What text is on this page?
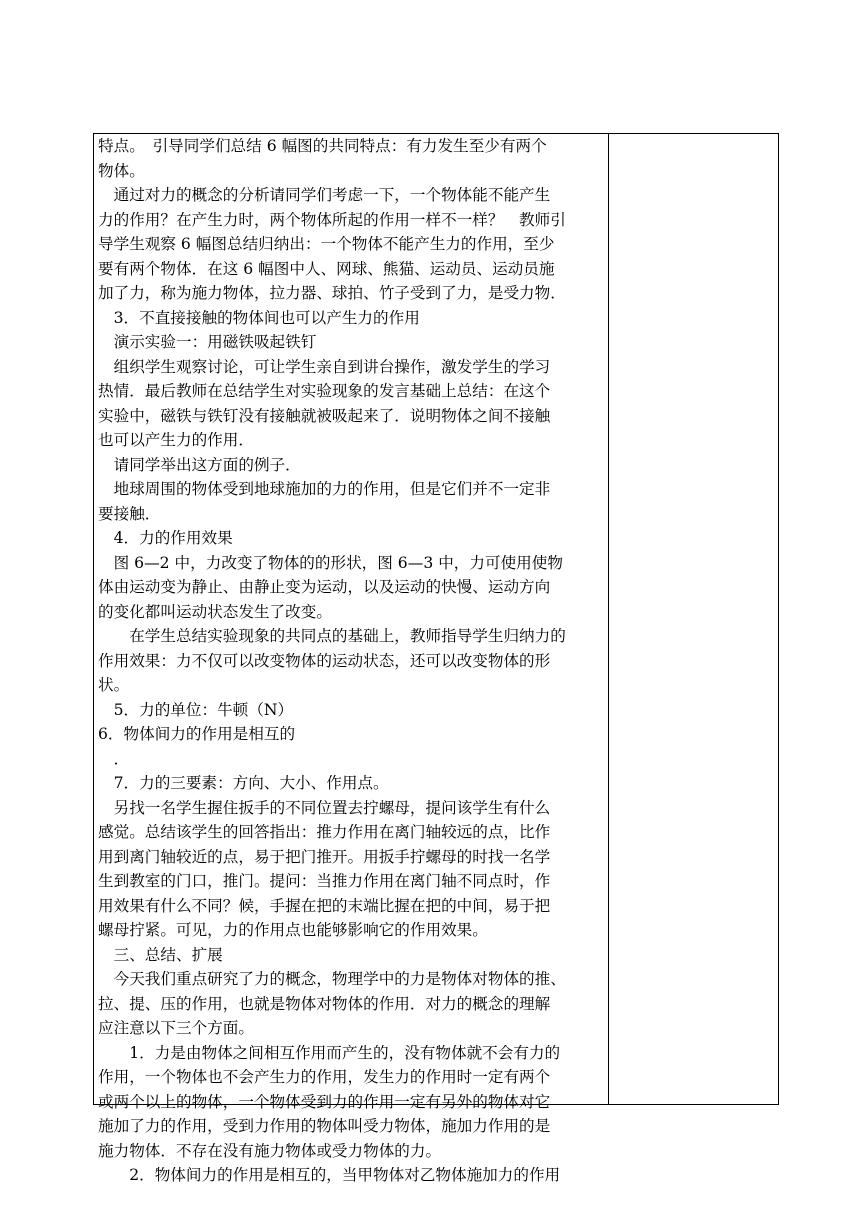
特点。　引导同学们总结 6 幅图的共同特点：有力发生至少有两个
物体。
　通过对力的概念的分析请同学们考虑一下，一个物体能不能产生
力的作用？在产生力时，两个物体所起的作用一样不一样？　教师引
导学生观察 6 幅图总结归纳出：一个物体不能产生力的作用，至少
要有两个物体．在这 6 幅图中人、网球、熊猫、运动员、运动员施
加了力，称为施力物体，拉力器、球拍、竹子受到了力，是受力物．
　3．不直接接触的物体间也可以产生力的作用
　演示实验一：用磁铁吸起铁钉
　组织学生观察讨论，可让学生亲自到讲台操作，激发学生的学习
热情．最后教师在总结学生对实验现象的发言基础上总结：在这个
实验中，磁铁与铁钉没有接触就被吸起来了．说明物体之间不接触
也可以产生力的作用．
　请同学举出这方面的例子．
　地球周围的物体受到地球施加的力的作用，但是它们并不一定非
要接触．
　4．力的作用效果
　图 6—2 中，力改变了物体的的形状，图 6—3 中，力可使用使物
体由运动变为静止、由静止变为运动，以及运动的快慢、运动方向
的变化都叫运动状态发生了改变。
　　在学生总结实验现象的共同点的基础上，教师指导学生归纳力的
作用效果：力不仅可以改变物体的运动状态，还可以改变物体的形
状。
　5．力的单位：牛顿（N）
6．物体间力的作用是相互的
　．
　7．力的三要素：方向、大小、作用点。
　另找一名学生握住扳手的不同位置去拧螺母，提问该学生有什么
感觉。总结该学生的回答指出：推力作用在离门轴较远的点，比作
用到离门轴较近的点，易于把门推开。用扳手拧螺母的时找一名学
生到教室的门口，推门。提问：当推力作用在离门轴不同点时，作
用效果有什么不同？候，手握在把的末端比握在把的中间，易于把
螺母拧紧。可见，力的作用点也能够影响它的作用效果。
　三、总结、扩展
　今天我们重点研究了力的概念，物理学中的力是物体对物体的推、
拉、提、压的作用，也就是物体对物体的作用．对力的概念的理解
应注意以下三个方面。
　　1．力是由物体之间相互作用而产生的，没有物体就不会有力的
作用，一个物体也不会产生力的作用，发生力的作用时一定有两个
或两个以上的物体，一个物体受到力的作用一定有另外的物体对它
施加了力的作用，受到力作用的物体叫受力物体，施加力作用的是
施力物体．不存在没有施力物体或受力物体的力。
　　2．物体间力的作用是相互的，当甲物体对乙物体施加力的作用
